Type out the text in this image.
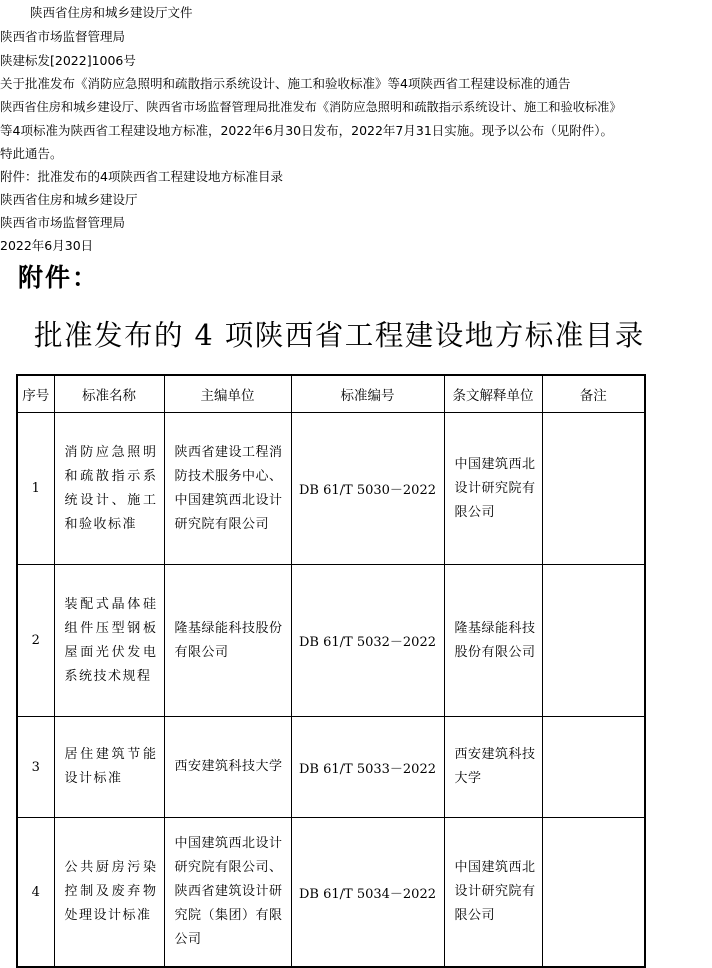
陕西省住房和城乡建设厅文件
陕西省市场监督管理局
陕建标发[2022]1006号
关于批准发布《消防应急照明和疏散指示系统设计、施工和验收标准》等4项陕西省工程建设标准的通告
陕西省住房和城乡建设厅、陕西省市场监督管理局批准发布《消防应急照明和疏散指示系统设计、施工和验收标准》
等4项标准为陕西省工程建设地方标准，2022年6月30日发布，2022年7月31日实施。现予以公布（见附件）。
特此通告。
附件：批准发布的4项陕西省工程建设地方标准目录
陕西省住房和城乡建设厅
陕西省市场监督管理局
2022年6月30日
附件：
批准发布的 4 项陕西省工程建设地方标准目录
序号	标准名称	主编单位	标准编号	条文解释单位	备注
1	消防应急照明和疏散指示系统设计、施工和验收标准	陕西省建设工程消防技术服务中心、中国建筑西北设计研究院有限公司	DB 61/T 5030－2022	中国建筑西北设计研究院有限公司	
2	装配式晶体硅组件压型钢板屋面光伏发电系统技术规程	隆基绿能科技股份有限公司	DB 61/T 5032－2022	隆基绿能科技股份有限公司	
3	居住建筑节能设计标准	西安建筑科技大学	DB 61/T 5033－2022	西安建筑科技大学	
4	公共厨房污染控制及废弃物处理设计标准	中国建筑西北设计研究院有限公司、陕西省建筑设计研究院（集团）有限公司	DB 61/T 5034－2022	中国建筑西北设计研究院有限公司	
